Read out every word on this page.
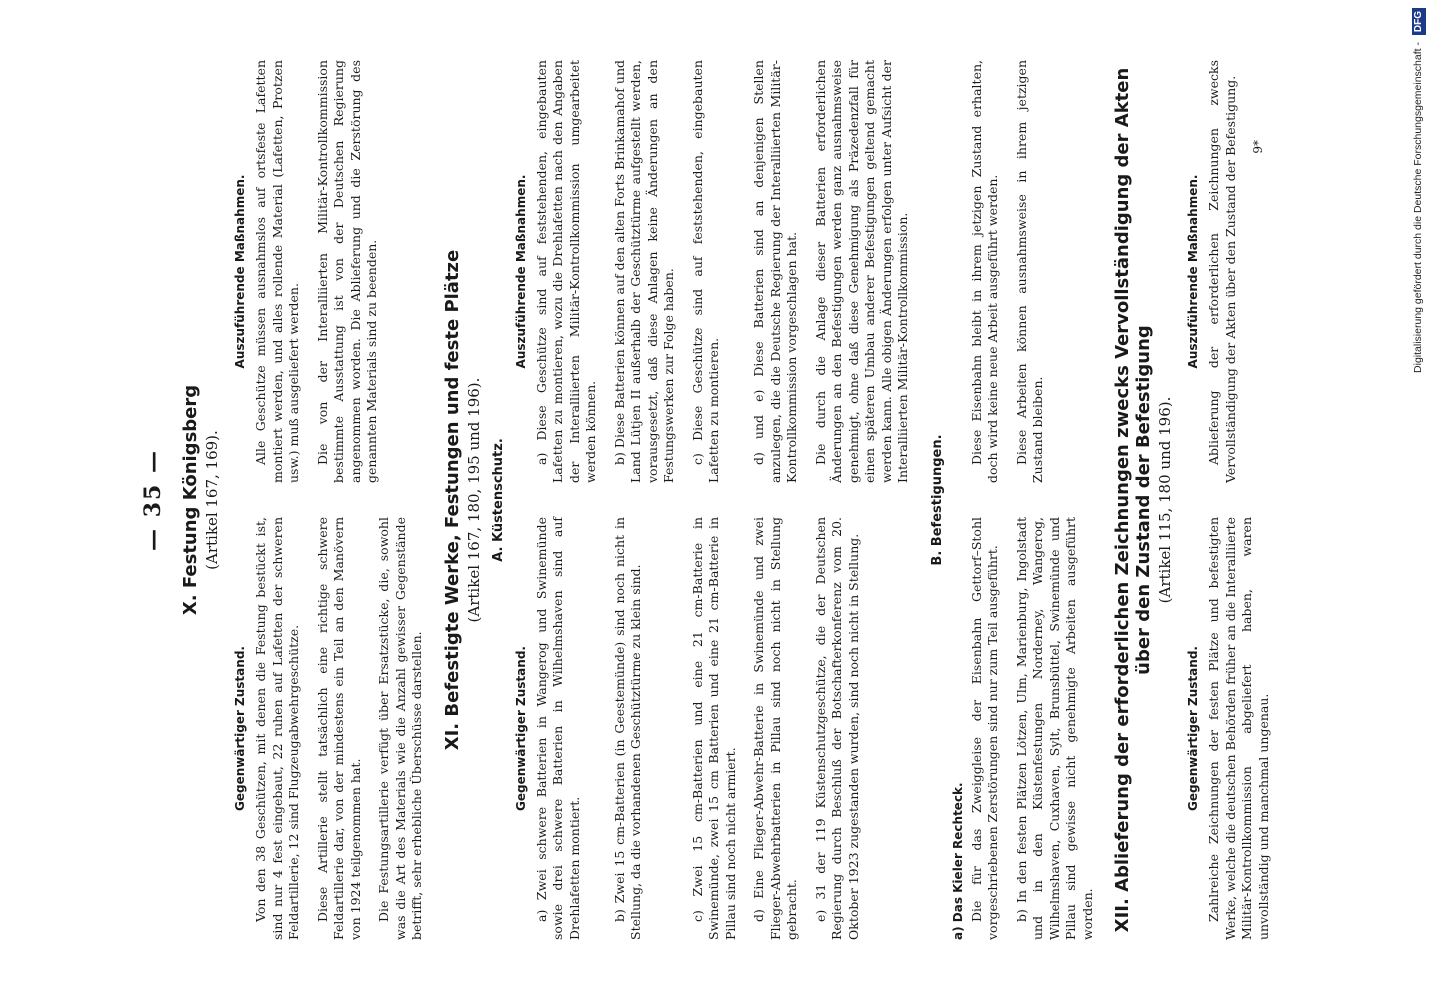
— 35 — X. Festung Königsberg (Artikel 167, 169).
Gegenwärtiger Zustand. Von den 38 Geschützen, mit denen die Festung bestückt ist, sind nur 4 fest eingebaut, 22 ruhen auf Lafetten der schweren Feldartillerie, 12 sind Flugzeugabwehrgeschütze. Diese Artillerie stellt tatsächlich eine richtige schwere Feldartillerie dar, von der mindestens ein Teil an den Manövern von 1924 teilgenommen hat. Die Festungsartillerie verfügt über Ersatzstücke, die, sowohl was die Art des Materials wie die Anzahl gewisser Gegenstände betrifft, sehr erhebliche Überschüsse darstellen.

Auszuführende Maßnahmen. Alle Geschütze müssen ausnahmslos auf ortsfeste Lafetten montiert werden, und alles rollende Material (Lafetten, Protzen usw.) muß ausgeliefert werden. Die von der Interalliierten Militär-Kontrollkommission bestimmte Ausstattung ist von der Deutschen Regierung angenommen worden. Die Ablieferung und die Zerstörung des genannten Materials sind zu beenden.	XI. Befestigte Werke, Festungen und feste Plätze (Artikel 167, 180, 195 und 196). A. Küstenschutz.
Gegenwärtiger Zustand.
Auszuführende Maßnahmen.

a) Zwei schwere Batterien in Wangerog und Swinemünde sowie drei schwere Batterien in Wilhelmshaven sind auf Drehlafetten montiert.

a) Diese Geschütze sind auf feststehenden, eingebauten Lafetten zu montieren, wozu die Drehlafetten nach den Angaben der Interalliierten Militär-Kontrollkommission umgearbeitet werden können.

b) Zwei 15 cm-Batterien (in Geestemünde) sind noch nicht in Stellung, da die vorhandenen Geschütztürme zu klein sind.

b) Diese Batterien können auf den alten Forts Brinkamahof und Land Lütjen II außerhalb der Geschütztürme aufgestellt werden, vorausgesetzt, daß diese Anlagen keine Änderungen an den Festungswerken zur Folge haben.

c) Zwei 15 cm-Batterien und eine 21 cm-Batterie in Swinemünde, zwei 15 cm Batterien und eine 21 cm-Batterie in Pillau sind noch nicht armiert.

c) Diese Geschütze sind auf feststehenden, eingebauten Lafetten zu montieren.

d) Eine Flieger-Abwehr-Batterie in Swinemünde und zwei Flieger-Abwehrbatterien in Pillau sind noch nicht in Stellung gebracht. e) 31 der 119 Küstenschutzgeschütze, die der Deutschen Regierung durch Beschluß der Botschafterkonferenz vom 20. Oktober 1923 zugestanden wurden, sind noch nicht in Stellung.

d) und e) Diese Batterien sind an denjenigen Stellen anzulegen, die die Deutsche Regierung der Interalliierten Militär-Kontrollkommission vorgeschlagen hat. Die durch die Anlage dieser Batterien erforderlichen Änderungen an den Befestigungen werden ganz ausnahmsweise genehmigt, ohne daß diese Genehmigung als Präzedenzfall für einen späteren Umbau anderer Befestigungen geltend gemacht werden kann. Alle obigen Änderungen erfolgen unter Aufsicht der Interalliierten Militär-Kontrollkommission.

B. Befestigungen.
a) Das Kieler Rechteck. Die für das Zweiggleise der Eisenbahn Gettorf–Stohl vorgeschriebenen Zerstörungen sind nur zum Teil ausgeführt.

Diese Eisenbahn bleibt in ihrem jetzigen Zustand erhalten, doch wird keine neue Arbeit ausgeführt werden.

b) In den festen Plätzen Lötzen, Ulm, Marienburg, Ingolstadt und in den Küstenfestungen Norderney, Wangerog, Wilhelmshaven, Cuxhaven, Sylt, Brunsbüttel, Swinemünde und Pillau sind gewisse nicht genehmigte Arbeiten ausgeführt worden.

Diese Arbeiten können ausnahmsweise in ihrem jetzigen Zustand bleiben.	XII. Ablieferung der erforderlichen Zeichnungen zwecks Vervollständigung der Akten über den Zustand der Befestigung (Artikel 115, 180 und 196).
Gegenwärtiger Zustand. Zahlreiche Zeichnungen der festen Plätze und befestigten Werke, welche die deutschen Behörden früher an die Interalliierte Militär-Kontrollkommission abgeliefert haben, waren unvollständig und manchmal ungenau.

Auszuführende Maßnahmen. Ablieferung der erforderlichen Zeichnungen zwecks Vervollständigung der Akten über den Zustand der Befestigung. 9*	Digitalisierung gefördert durch die Deutsche Forschungsgemeinschaft - DFG
